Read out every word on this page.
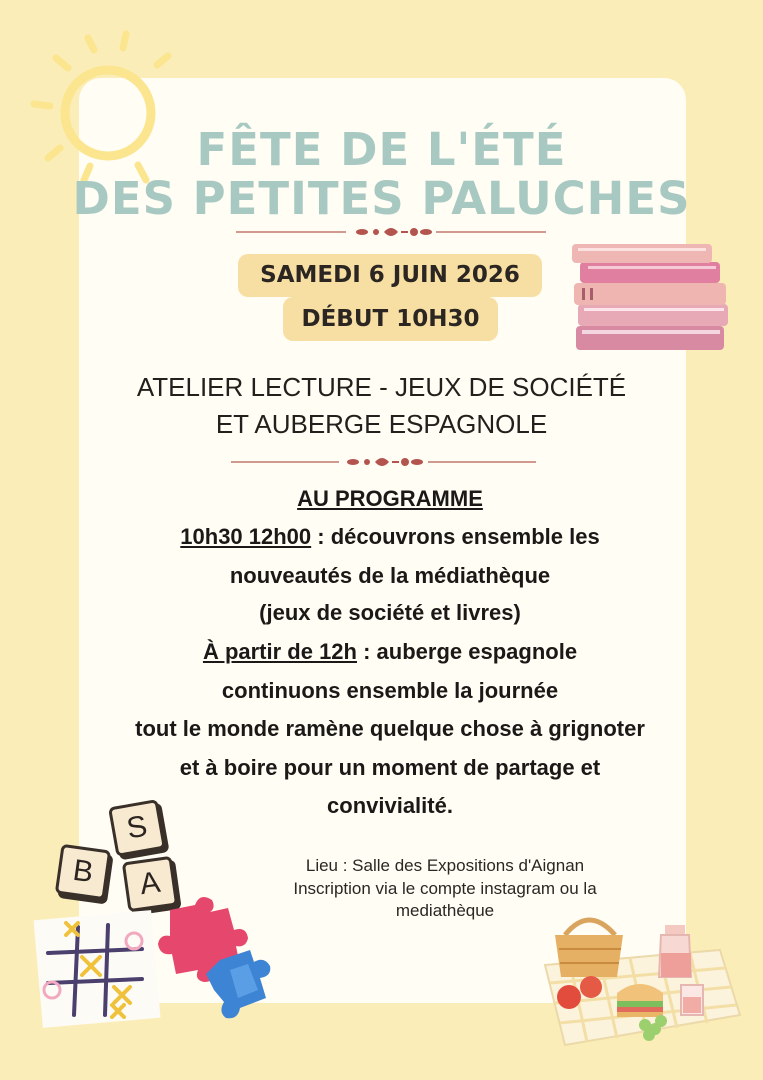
FÊTE DE L'ÉTÉ
DES PETITES PALUCHES
SAMEDI 6 JUIN 2026
DÉBUT 10H30
ATELIER LECTURE - JEUX DE SOCIÉTÉ
ET AUBERGE ESPAGNOLE
AU PROGRAMME
10h30 12h00 : découvrons ensemble les
nouveautés de la médiathèque
(jeux de société et livres)
À partir de 12h : auberge espagnole
continuons ensemble la journée
tout le monde ramène quelque chose à grignoter
et à boire pour un moment de partage et
convivialité.
Lieu : Salle des Expositions d'Aignan
Inscription via le compte instagram ou la
mediathèque
S
B	A
